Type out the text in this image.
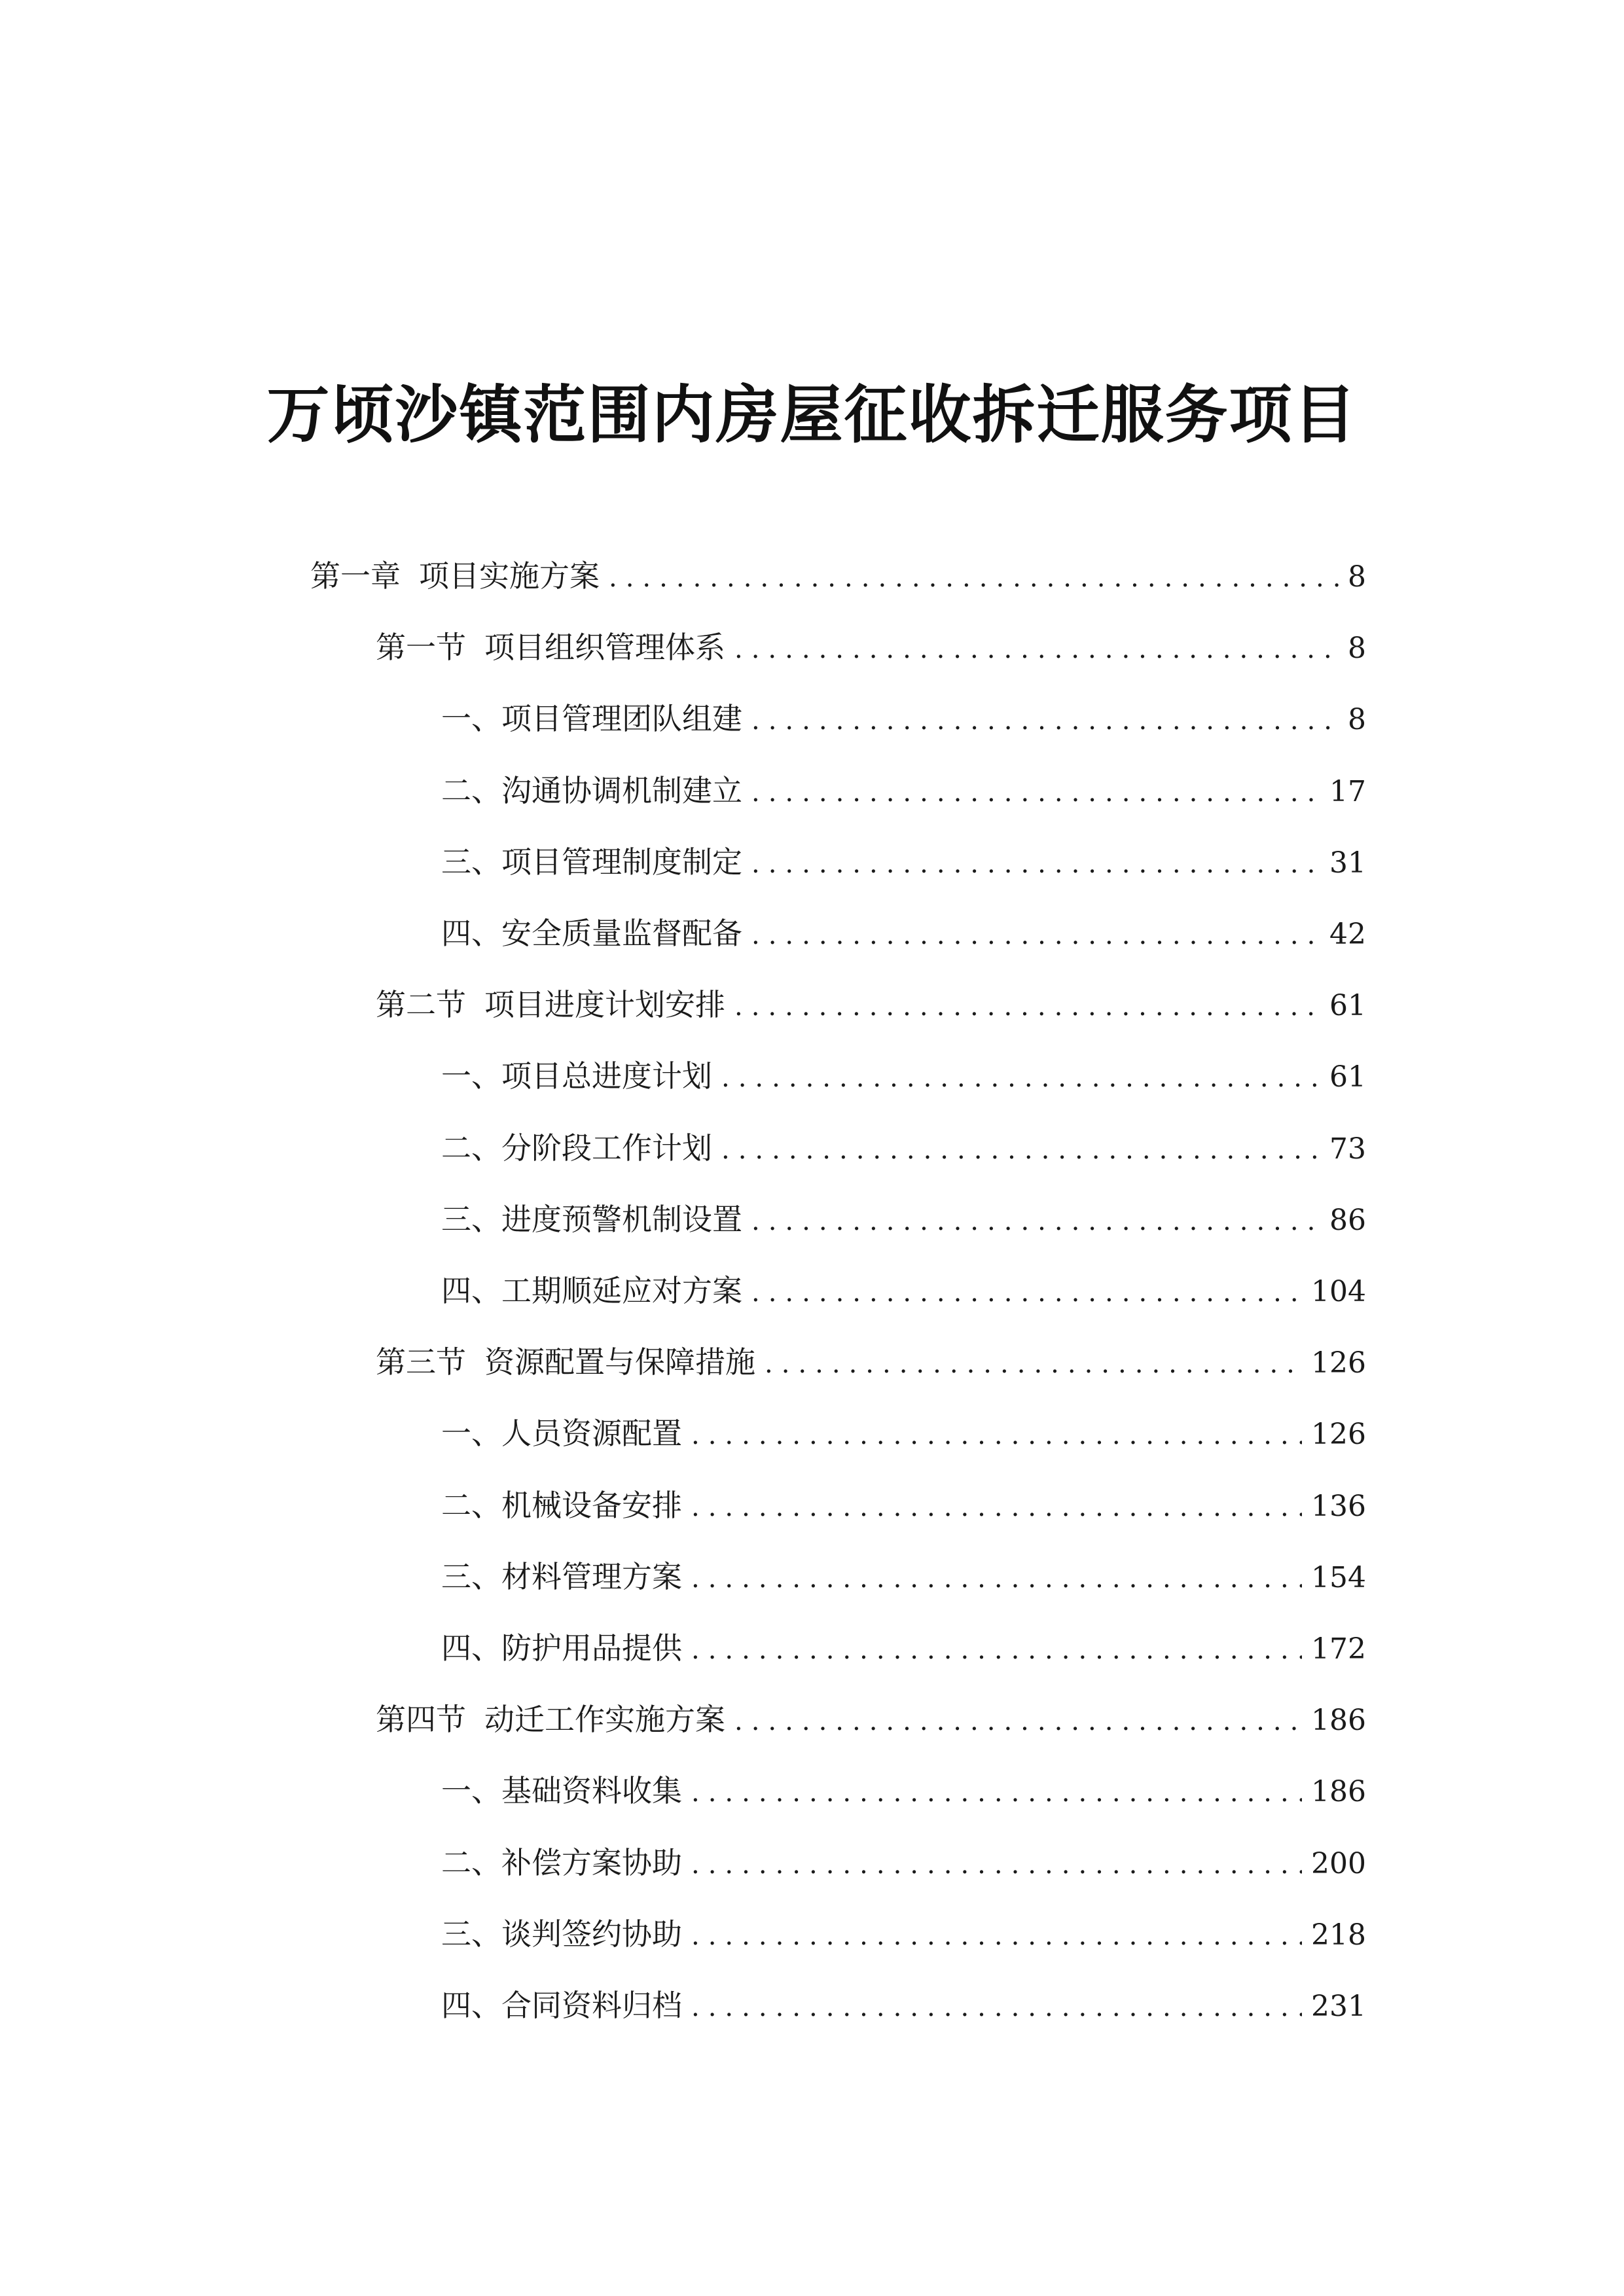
万顷沙镇范围内房屋征收拆迁服务项目
第一章 项目实施方案 .....	8
第一节 项目组织管理体系 .....	8
一、 项目管理团队组建 .....	8
二、 沟通协调机制建立 .....	17
三、 项目管理制度制定 .....	31
四、 安全质量监督配备 .....	42
第二节 项目进度计划安排 .....	61
一、 项目总进度计划 .....	61
二、 分阶段工作计划 .....	73
三、 进度预警机制设置 .....	86
四、 工期顺延应对方案 .....	104
第三节 资源配置与保障措施 .....	126
一、 人员资源配置 .....	126
二、 机械设备安排 .....	136
三、 材料管理方案 .....	154
四、 防护用品提供 .....	172
第四节 动迁工作实施方案 .....	186
一、 基础资料收集 .....	186
二、 补偿方案协助 .....	200
三、 谈判签约协助 .....	218
四、 合同资料归档 .....	231
